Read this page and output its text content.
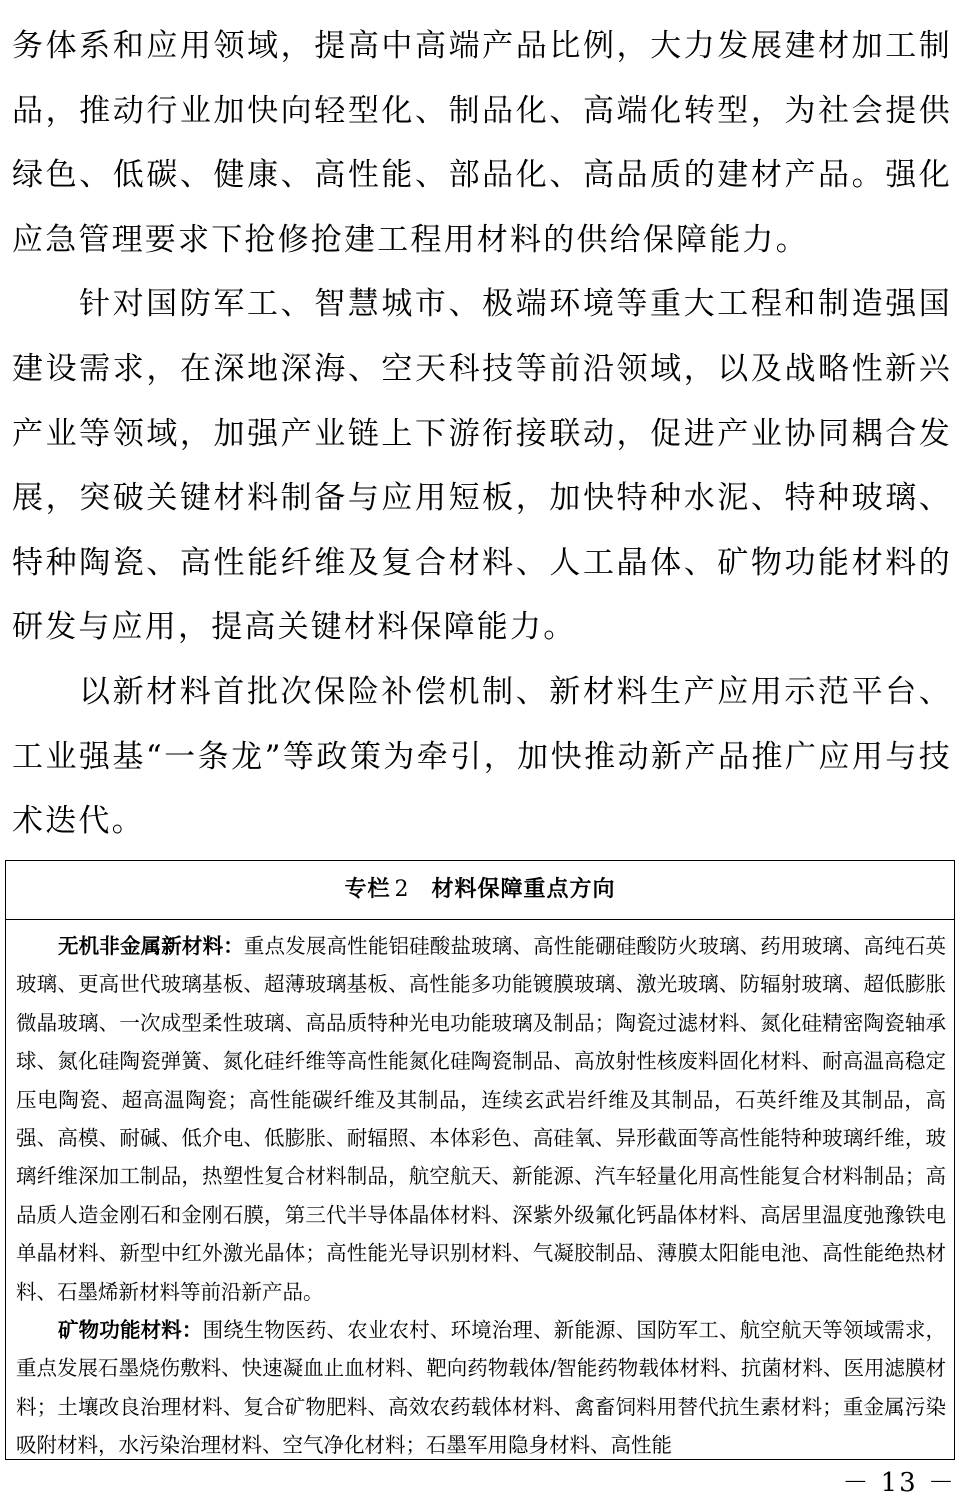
务体系和应用领域，提高中高端产品比例，大力发展建材加工制品，推动行业加快向轻型化、制品化、高端化转型，为社会提供绿色、低碳、健康、高性能、部品化、高品质的建材产品。强化应急管理要求下抢修抢建工程用材料的供给保障能力。

针对国防军工、智慧城市、极端环境等重大工程和制造强国建设需求，在深地深海、空天科技等前沿领域，以及战略性新兴产业等领域，加强产业链上下游衔接联动，促进产业协同耦合发展，突破关键材料制备与应用短板，加快特种水泥、特种玻璃、特种陶瓷、高性能纤维及复合材料、人工晶体、矿物功能材料的研发与应用，提高关键材料保障能力。

以新材料首批次保险补偿机制、新材料生产应用示范平台、工业强基“一条龙”等政策为牵引，加快推动新产品推广应用与技术迭代。

专栏 2 材料保障重点方向

无机非金属新材料：重点发展高性能铝硅酸盐玻璃、高性能硼硅酸防火玻璃、药用玻璃、高纯石英玻璃、更高世代玻璃基板、超薄玻璃基板、高性能多功能镀膜玻璃、激光玻璃、防辐射玻璃、超低膨胀微晶玻璃、一次成型柔性玻璃、高品质特种光电功能玻璃及制品；陶瓷过滤材料、氮化硅精密陶瓷轴承球、氮化硅陶瓷弹簧、氮化硅纤维等高性能氮化硅陶瓷制品、高放射性核废料固化材料、耐高温高稳定压电陶瓷、超高温陶瓷；高性能碳纤维及其制品，连续玄武岩纤维及其制品，石英纤维及其制品，高强、高模、耐碱、低介电、低膨胀、耐辐照、本体彩色、高硅氧、异形截面等高性能特种玻璃纤维，玻璃纤维深加工制品，热塑性复合材料制品，航空航天、新能源、汽车轻量化用高性能复合材料制品；高品质人造金刚石和金刚石膜，第三代半导体晶体材料、深紫外级氟化钙晶体材料、高居里温度弛豫铁电单晶材料、新型中红外激光晶体；高性能光导识别材料、气凝胶制品、薄膜太阳能电池、高性能绝热材料、石墨烯新材料等前沿新产品。

矿物功能材料：围绕生物医药、农业农村、环境治理、新能源、国防军工、航空航天等领域需求，重点发展石墨烧伤敷料、快速凝血止血材料、靶向药物载体/智能药物载体材料、抗菌材料、医用滤膜材料；土壤改良治理材料、复合矿物肥料、高效农药载体材料、禽畜饲料用替代抗生素材料；重金属污染吸附材料，水污染治理材料、空气净化材料；石墨军用隐身材料、高性能

－ 13 －
